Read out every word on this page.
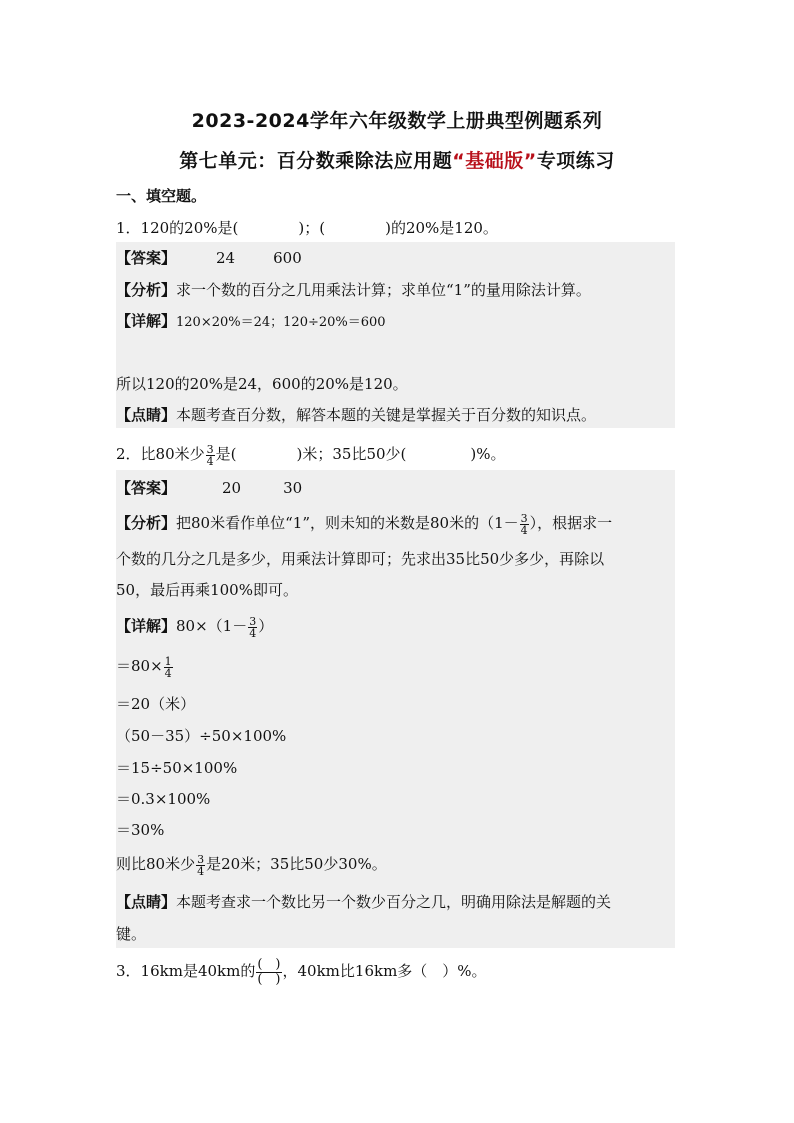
2023-2024学年六年级数学上册典型例题系列
第七单元：百分数乘除法应用题“基础版”专项练习
一、填空题。
1．120的20%是(	)；(	)的20%是120。
【答案】	24	600
【分析】求一个数的百分之几用乘法计算；求单位“1”的量用除法计算。
【详解】120×20%＝24；120÷20%＝600
所以120的20%是24，600的20%是120。
【点睛】本题考查百分数，解答本题的关键是掌握关于百分数的知识点。
2．比80米少 $\frac{3}{4}$ 是(	)米；35比50少(	)%。
【答案】	20	30
【分析】把80米看作单位“1”，则未知的米数是80米的（$1- \frac{3}{4}$ ），根据求一
个数的几分之几是多少，用乘法计算即可；先求出35比50少多少，再除以
50，最后再乘100%即可。
【详解】$80\times(1- \frac{3}{4}$ ）
$=80\times \frac{1}{4}$
＝20（米）
（50－35）÷50×100%
＝15÷50×100%
＝0.3×100%
＝30%
则比80米少 $\frac{3}{4}$ 是20米；35比50少30%。
【点睛】本题考查求一个数比另一个数少百分之几，明确用除法是解题的关
键。
3．16km是40km的 $\frac{( )}{( )}$ ，40km比16km多（　）%。
